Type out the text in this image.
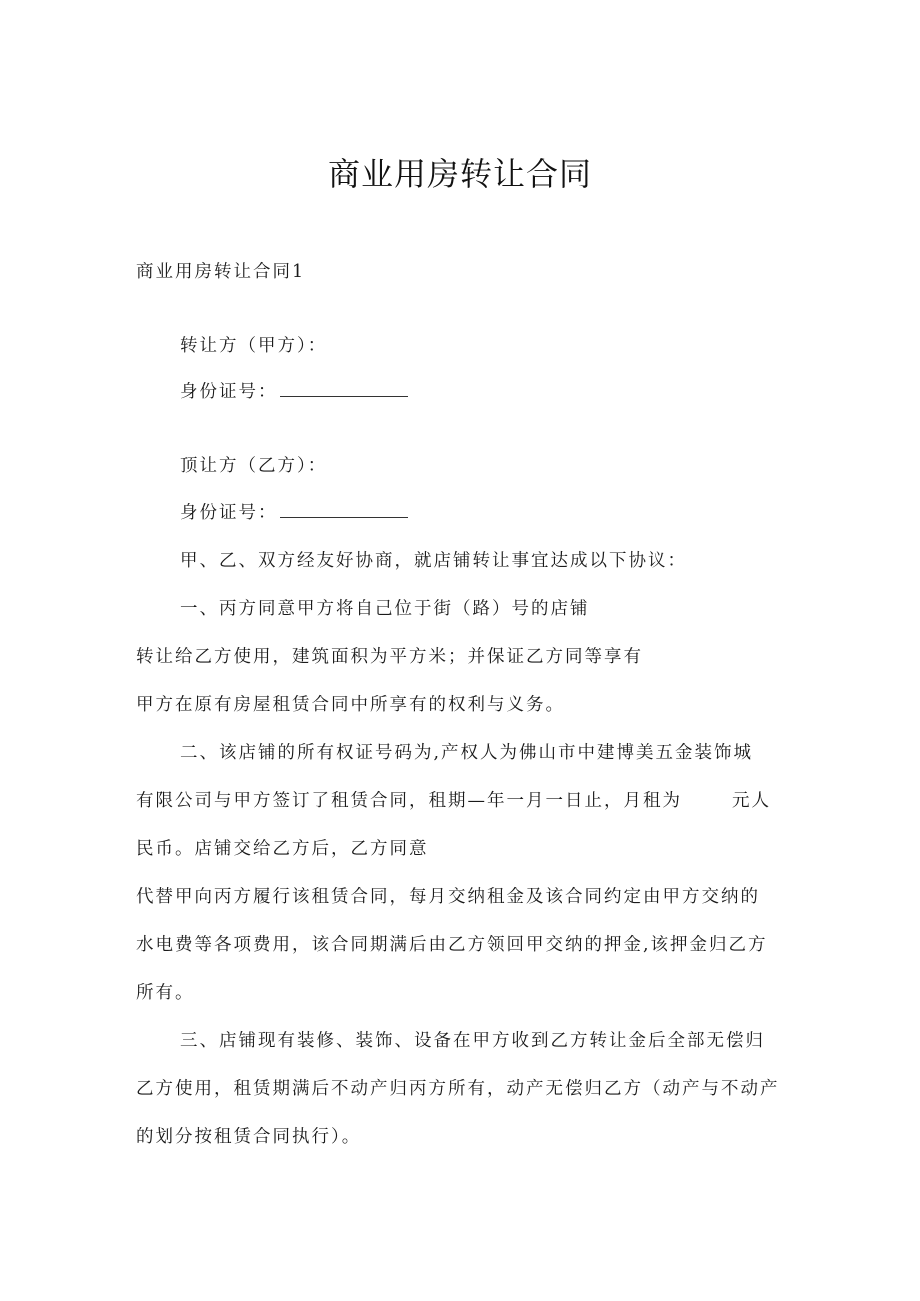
商业用房转让合同
商业用房转让合同1
转让方（甲方）：
身份证号：
顶让方（乙方）：
身份证号：
甲、乙、双方经友好协商，就店铺转让事宜达成以下协议：
一、丙方同意甲方将自己位于街（路）号的店铺
转让给乙方使用，建筑面积为平方米；并保证乙方同等享有
甲方在原有房屋租赁合同中所享有的权利与义务。
二、该店铺的所有权证号码为,产权人为佛山市中建博美五金装饰城
有限公司与甲方签订了租赁合同，租期—年一月一日止，月租为	元人
民币。店铺交给乙方后，乙方同意
代替甲向丙方履行该租赁合同，每月交纳租金及该合同约定由甲方交纳的
水电费等各项费用，该合同期满后由乙方领回甲交纳的押金,该押金归乙方
所有。
三、店铺现有装修、装饰、设备在甲方收到乙方转让金后全部无偿归
乙方使用，租赁期满后不动产归丙方所有，动产无偿归乙方（动产与不动产
的划分按租赁合同执行）。
